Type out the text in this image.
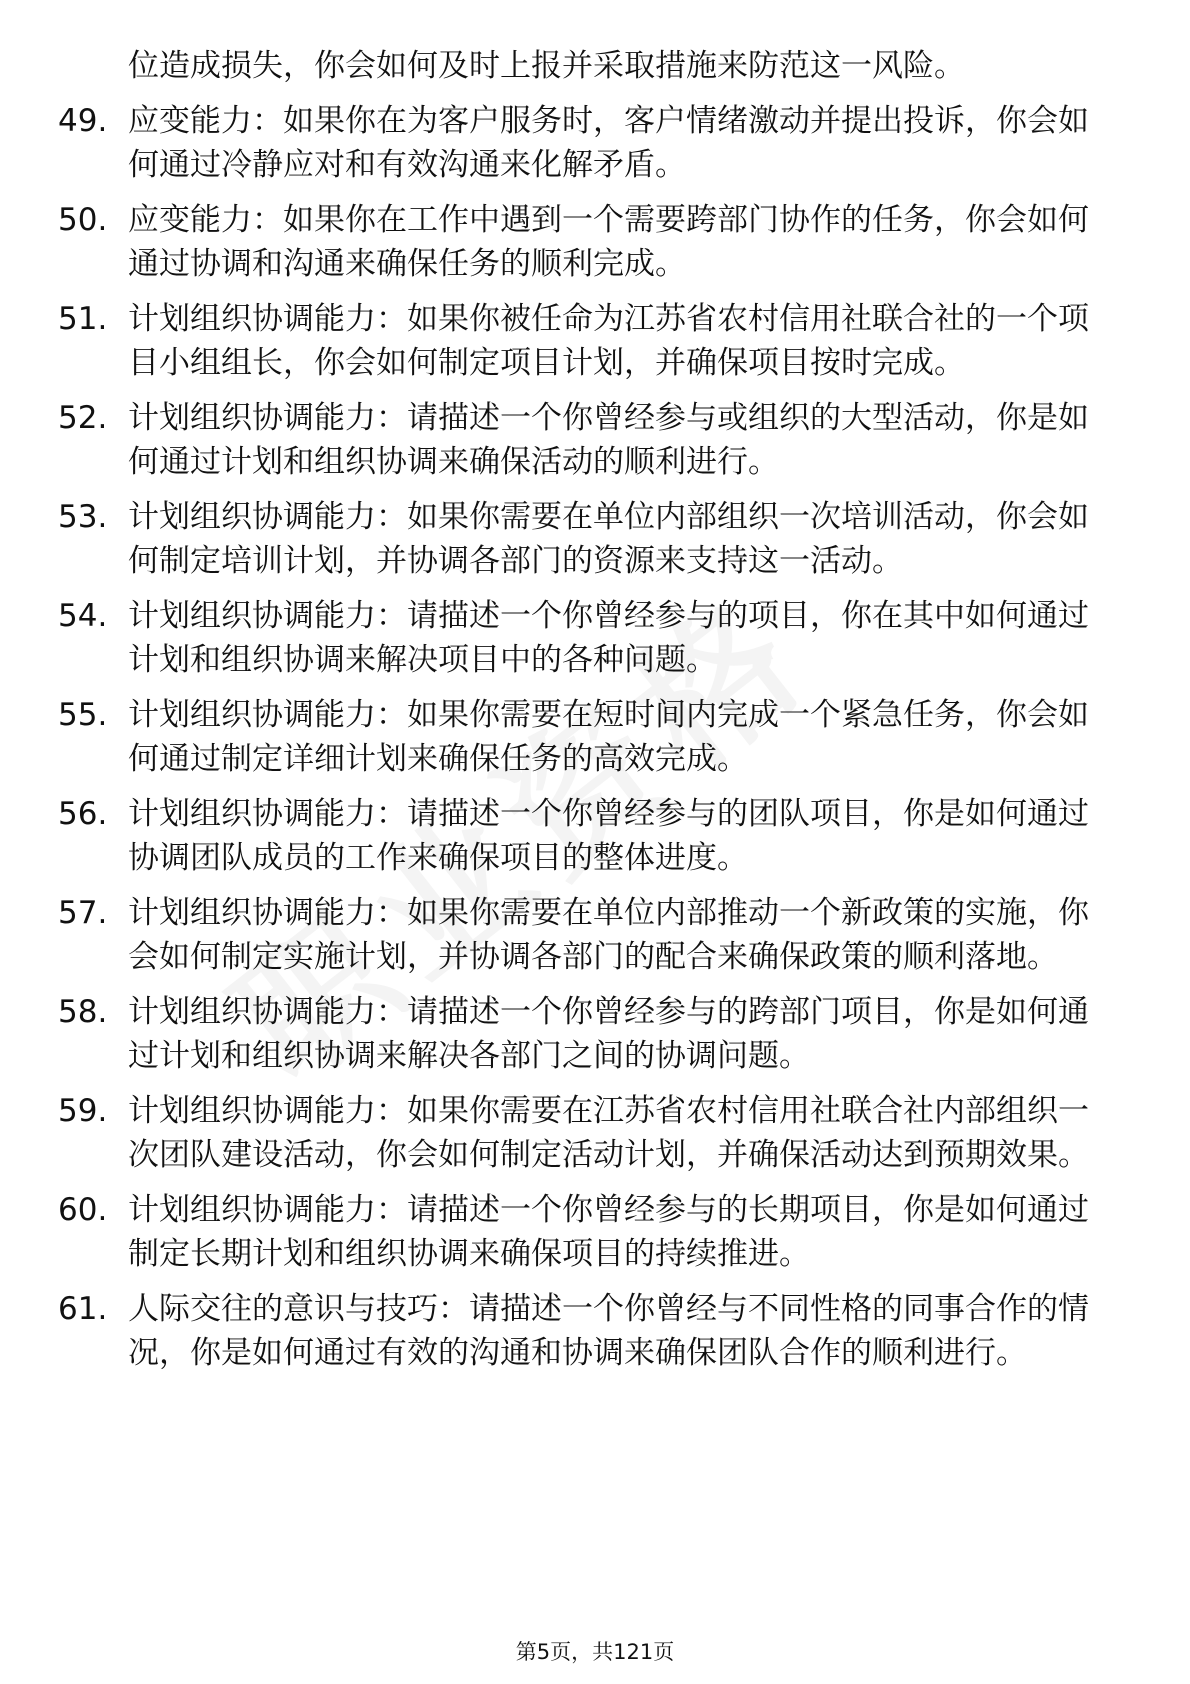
位造成损失，你会如何及时上报并采取措施来防范这一风险。
49. 应变能力：如果你在为客户服务时，客户情绪激动并提出投诉，你会如何通过冷静应对和有效沟通来化解矛盾。
50. 应变能力：如果你在工作中遇到一个需要跨部门协作的任务，你会如何通过协调和沟通来确保任务的顺利完成。
51. 计划组织协调能力：如果你被任命为江苏省农村信用社联合社的一个项目小组组长，你会如何制定项目计划，并确保项目按时完成。
52. 计划组织协调能力：请描述一个你曾经参与或组织的大型活动，你是如何通过计划和组织协调来确保活动的顺利进行。
53. 计划组织协调能力：如果你需要在单位内部组织一次培训活动，你会如何制定培训计划，并协调各部门的资源来支持这一活动。
54. 计划组织协调能力：请描述一个你曾经参与的项目，你在其中如何通过计划和组织协调来解决项目中的各种问题。
55. 计划组织协调能力：如果你需要在短时间内完成一个紧急任务，你会如何通过制定详细计划来确保任务的高效完成。
56. 计划组织协调能力：请描述一个你曾经参与的团队项目，你是如何通过协调团队成员的工作来确保项目的整体进度。
57. 计划组织协调能力：如果你需要在单位内部推动一个新政策的实施，你会如何制定实施计划，并协调各部门的配合来确保政策的顺利落地。
58. 计划组织协调能力：请描述一个你曾经参与的跨部门项目，你是如何通过计划和组织协调来解决各部门之间的协调问题。
59. 计划组织协调能力：如果你需要在江苏省农村信用社联合社内部组织一次团队建设活动，你会如何制定活动计划，并确保活动达到预期效果。
60. 计划组织协调能力：请描述一个你曾经参与的长期项目，你是如何通过制定长期计划和组织协调来确保项目的持续推进。
61. 人际交往的意识与技巧：请描述一个你曾经与不同性格的同事合作的情况，你是如何通过有效的沟通和协调来确保团队合作的顺利进行。
第5页，共121页
